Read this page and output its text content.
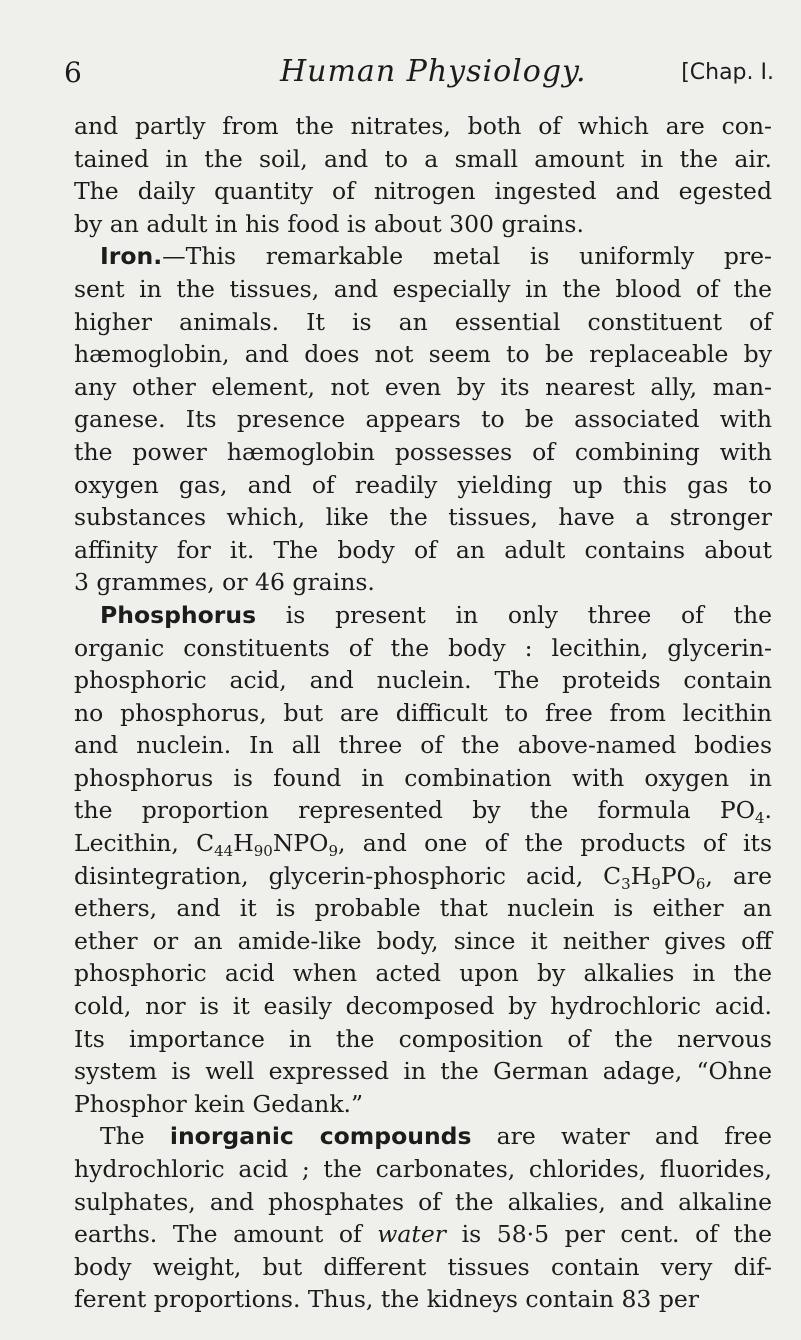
6	Human Physiology.	[Chap. I.
and partly from the nitrates, both of which are con-
tained in the soil, and to a small amount in the air.
The daily quantity of nitrogen ingested and egested
by an adult in his food is about 300 grains.
Iron.—This remarkable metal is uniformly pre-
sent in the tissues, and especially in the blood of the
higher animals. It is an essential constituent of
hæmoglobin, and does not seem to be replaceable by
any other element, not even by its nearest ally, man-
ganese. Its presence appears to be associated with
the power hæmoglobin possesses of combining with
oxygen gas, and of readily yielding up this gas to
substances which, like the tissues, have a stronger
affinity for it. The body of an adult contains about
3 grammes, or 46 grains.
Phosphorus is present in only three of the
organic constituents of the body : lecithin, glycerin-
phosphoric acid, and nuclein. The proteids contain
no phosphorus, but are difficult to free from lecithin
and nuclein. In all three of the above-named bodies
phosphorus is found in combination with oxygen in
the proportion represented by the formula $PO_4$.
Lecithin, $C_{44}H_{90}NPO_9$, and one of the products of its
disintegration, glycerin-phosphoric acid, $C_3H_9PO_6$, are
ethers, and it is probable that nuclein is either an
ether or an amide-like body, since it neither gives off
phosphoric acid when acted upon by alkalies in the
cold, nor is it easily decomposed by hydrochloric acid.
Its importance in the composition of the nervous
system is well expressed in the German adage, “Ohne
Phosphor kein Gedank.”
The inorganic compounds are water and free
hydrochloric acid ; the carbonates, chlorides, fluorides,
sulphates, and phosphates of the alkalies, and alkaline
earths. The amount of water is 58·5 per cent. of the
body weight, but different tissues contain very dif-
ferent proportions. Thus, the kidneys contain 83 per
